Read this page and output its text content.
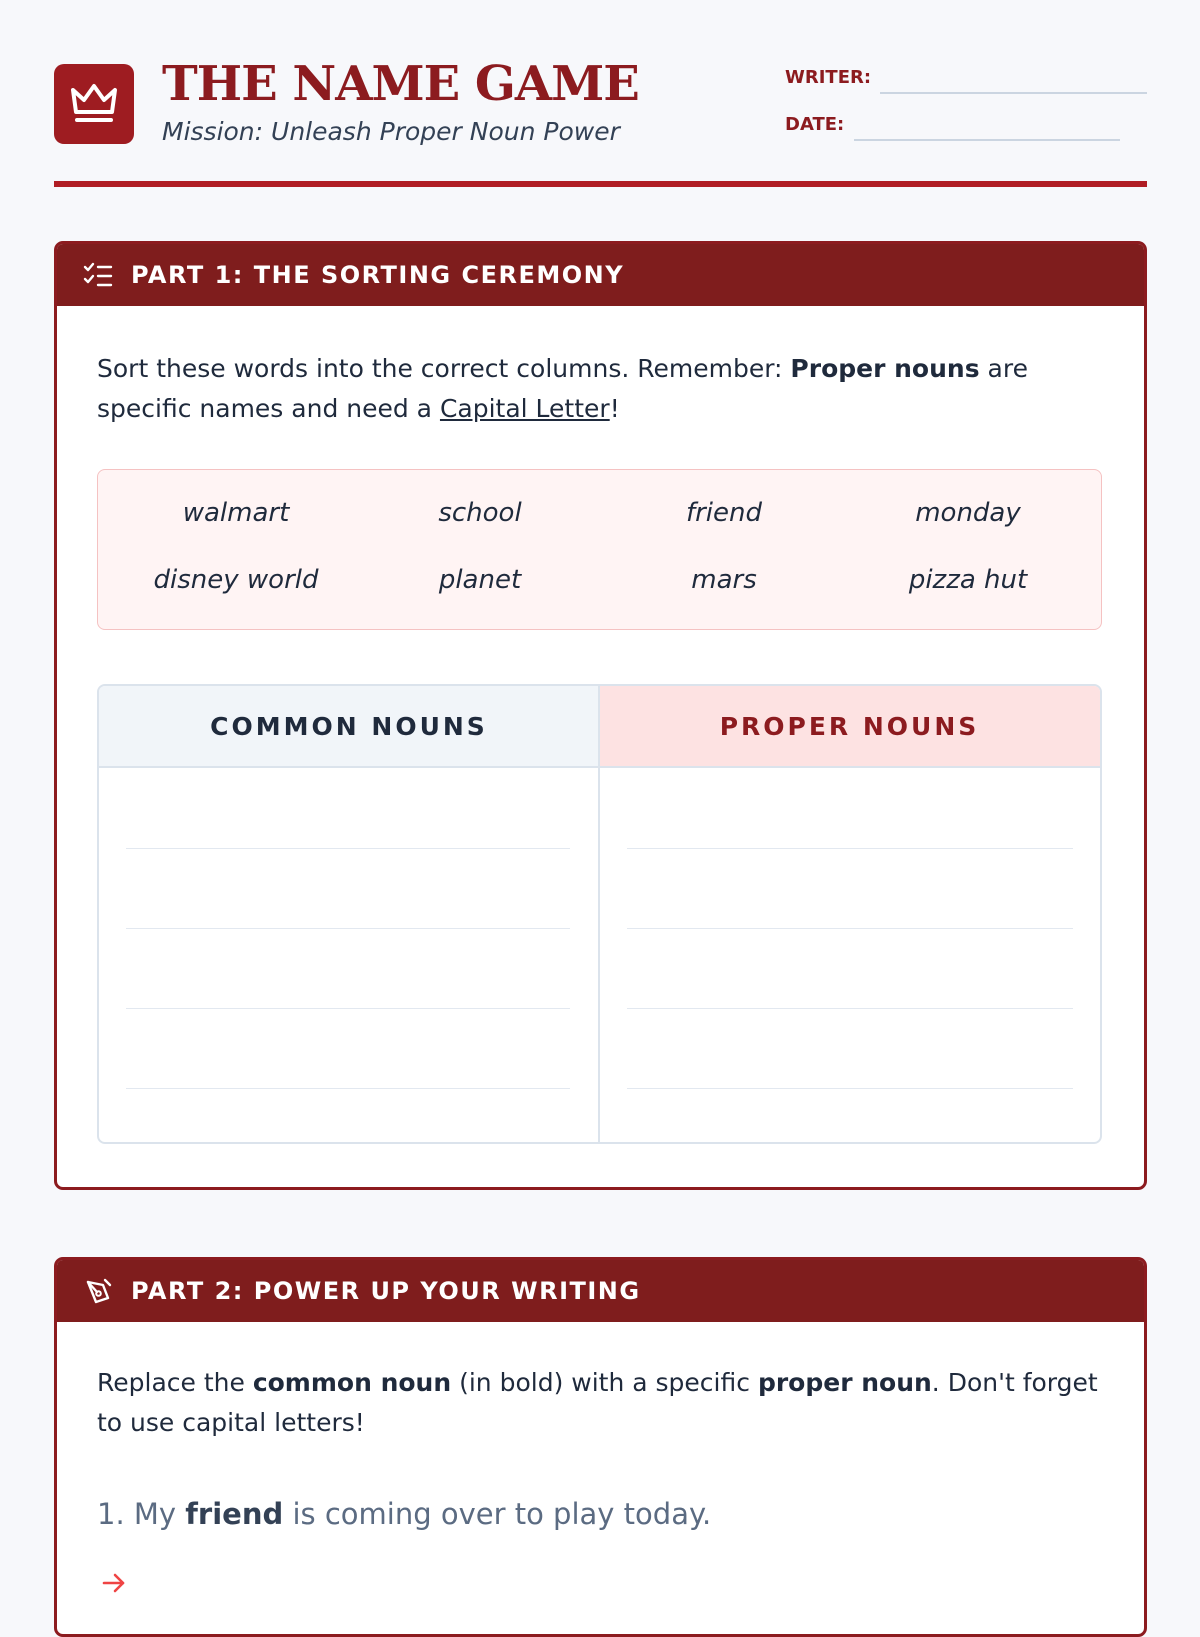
THE NAME GAME
Mission: Unleash Proper Noun Power
WRITER:
DATE:
PART 1: THE SORTING CEREMONY
Sort these words into the correct columns. Remember: Proper nouns are specific names and need a Capital Letter!
walmart	school	friend	monday
disney world	planet	mars	pizza hut
COMMON NOUNS	PROPER NOUNS
PART 2: POWER UP YOUR WRITING
Replace the common noun (in bold) with a specific proper noun. Don't forget to use capital letters!
1. My friend is coming over to play today.
